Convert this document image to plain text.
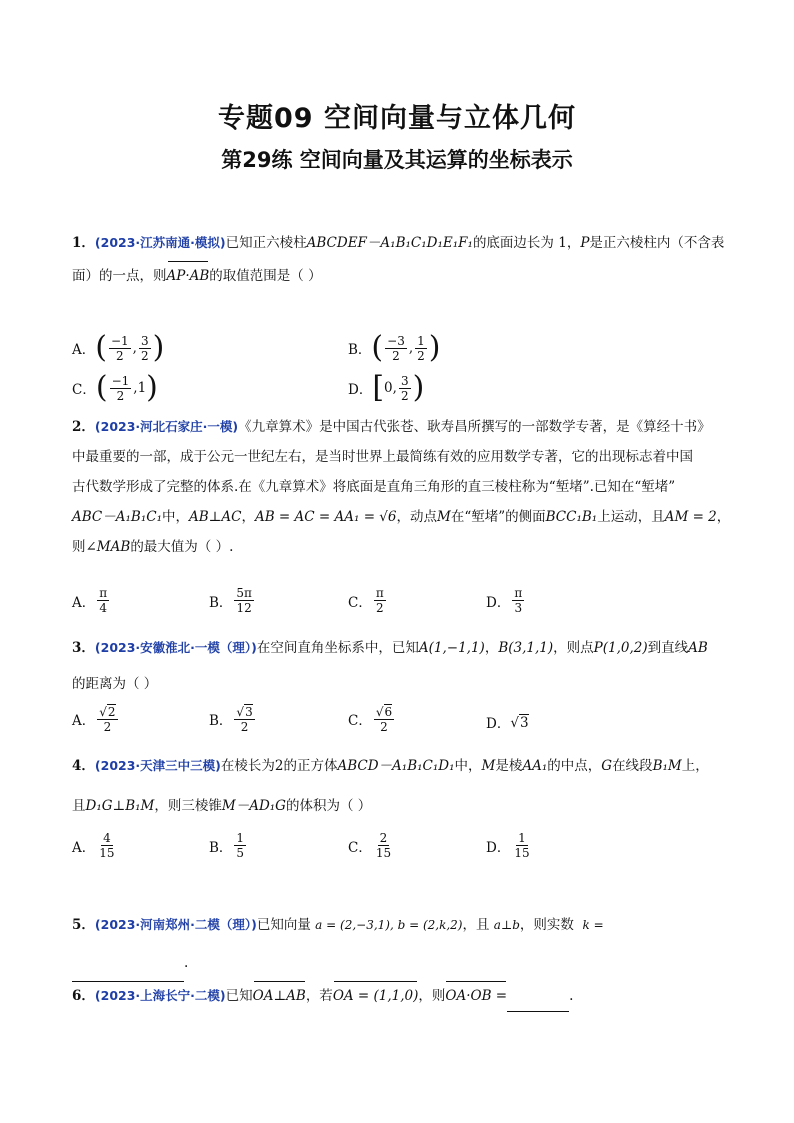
专题09 空间向量与立体几何
第29练 空间向量及其运算的坐标表示
1．(2023·江苏南通·模拟)已知正六棱柱ABCDEF－A₁B₁C₁D₁E₁F₁的底面边长为 1，P是正六棱柱内（不含表
面）的一点，则AP·AB的取值范围是（ ）
A． ( $\frac{-1}{2}$ , $\frac{3}{2}$ )	B． ( $\frac{-3}{2}$ , $\frac{1}{2}$ )
C． ( $\frac{-1}{2}$ , 1 )	D． [ 0 , $\frac{3}{2}$ )
2．(2023·河北石家庄·一模)《九章算术》是中国古代张苍、耿寿昌所撰写的一部数学专著，是《算经十书》
中最重要的一部，成于公元一世纪左右，是当时世界上最简练有效的应用数学专著，它的出现标志着中国
古代数学形成了完整的体系.在《九章算术》将底面是直角三角形的直三棱柱称为“堑堵”.已知在“堑堵”
ABC－A₁B₁C₁中，AB⊥AC，AB = AC = AA₁ = √6，动点M在“堑堵”的侧面BCC₁B₁上运动，且AM = 2，
则∠MAB的最大值为（ ）.
A． $\frac{\pi}{4}$	B． $\frac{5\pi}{12}$	C． $\frac{\pi}{2}$	D． $\frac{\pi}{3}$
3．(2023·安徽淮北·一模（理）)在空间直角坐标系中，已知A(1,−1,1)，B(3,1,1)，则点P(1,0,2)到直线AB
的距离为（ ）
A． $\frac{√2}{2}$	B． $\frac{√3}{2}$	C． $\frac{√6}{2}$	D． √3
4．(2023·天津三中三模)在棱长为2的正方体ABCD－A₁B₁C₁D₁中，M是棱AA₁的中点，G在线段B₁M上，
且D₁G⊥B₁M，则三棱锥M－AD₁G的体积为（ ）
A． $\frac{4}{15}$	B． $\frac{1}{5}$	C． $\frac{2}{15}$	D． $\frac{1}{15}$
5．(2023·河南郑州·二模（理）)已知向量 a = (2,−3,1), b = (2,k,2)，且 a⊥b，则实数 k =
.
6．(2023·上海长宁·二模)已知OA⊥AB，若OA = (1,1,0)，则OA·OB =	.
